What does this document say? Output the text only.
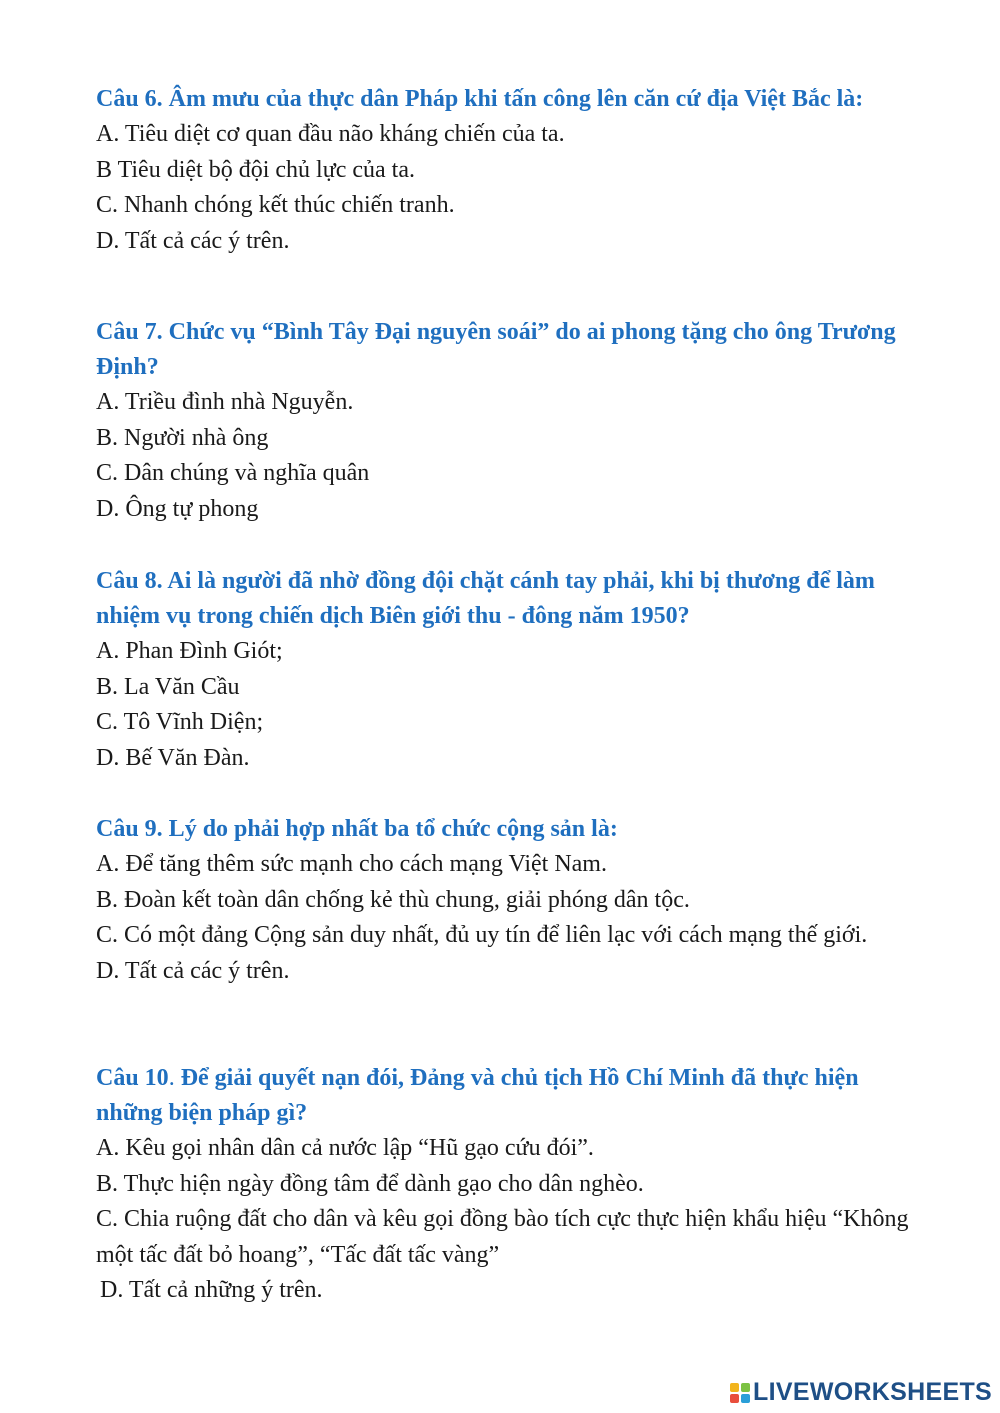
Câu 6. Âm mưu của thực dân Pháp khi tấn công lên căn cứ địa Việt Bắc là:

A. Tiêu diệt cơ quan đầu não kháng chiến của ta.

B Tiêu diệt bộ đội chủ lực của ta.

C. Nhanh chóng kết thúc chiến tranh.

D. Tất cả các ý trên.

Câu 7. Chức vụ “Bình Tây Đại nguyên soái” do ai phong tặng cho ông Trương Định?

A. Triều đình nhà Nguyễn.

B. Người nhà ông

C. Dân chúng và nghĩa quân

D. Ông tự phong

Câu 8. Ai là người đã nhờ đồng đội chặt cánh tay phải, khi bị thương để làm nhiệm vụ trong chiến dịch Biên giới thu - đông năm 1950?

A. Phan Đình Giót;

B. La Văn Cầu

C. Tô Vĩnh Diện;

D. Bế Văn Đàn.

Câu 9. Lý do phải hợp nhất ba tổ chức cộng sản là:

A. Để tăng thêm sức mạnh cho cách mạng Việt Nam.

B. Đoàn kết toàn dân chống kẻ thù chung, giải phóng dân tộc.

C. Có một đảng Cộng sản duy nhất, đủ uy tín để liên lạc với cách mạng thế giới.

D. Tất cả các ý trên.

Câu 10. Để giải quyết nạn đói, Đảng và chủ tịch Hồ Chí Minh đã thực hiện những biện pháp gì?

A. Kêu gọi nhân dân cả nước lập “Hũ gạo cứu đói”.

B. Thực hiện ngày đồng tâm để dành gạo cho dân nghèo.

C. Chia ruộng đất cho dân và kêu gọi đồng bào tích cực thực hiện khẩu hiệu “Không một tấc đất bỏ hoang”, “Tấc đất tấc vàng”

D. Tất cả những ý trên.

LIVEWORKSHEETS
